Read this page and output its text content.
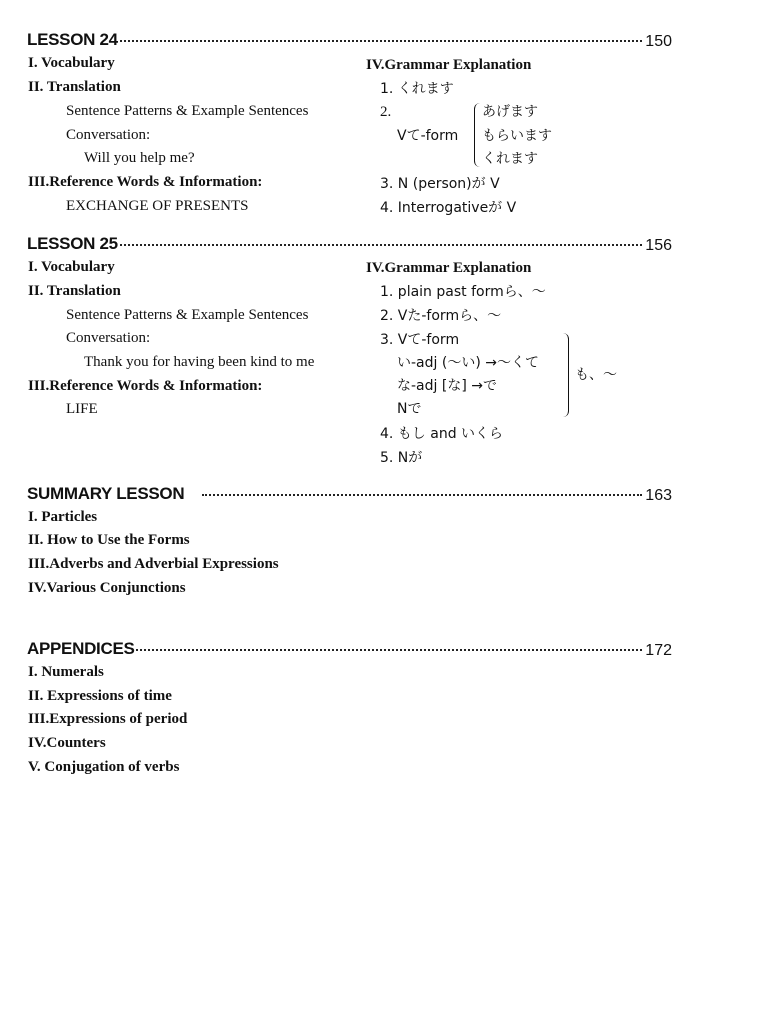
LESSON 24	150
I. Vocabulary
II. Translation
Sentence Patterns & Example Sentences
Conversation:
Will you help me?
III.Reference Words & Information:
EXCHANGE OF PRESENTS
IV.Grammar Explanation
1. くれます
2.
Vて-form
あげます
もらいます
くれます
3. N (person)が V
4. Interrogativeが V
LESSON 25	156
I. Vocabulary
II. Translation
Sentence Patterns & Example Sentences
Conversation:
Thank you for having been kind to me
III.Reference Words & Information:
LIFE
IV.Grammar Explanation
1. plain past formら、～
2. Vた-formら、～
3. Vて-form
い-adj (～い) →～くて
な-adj [な] →で
Nで
も、～
4. もし and いくら
5. Nが
SUMMARY LESSON	163
I. Particles
II. How to Use the Forms
III.Adverbs and Adverbial Expressions
IV.Various Conjunctions
APPENDICES	172
I. Numerals
II. Expressions of time
III.Expressions of period
IV.Counters
V. Conjugation of verbs
